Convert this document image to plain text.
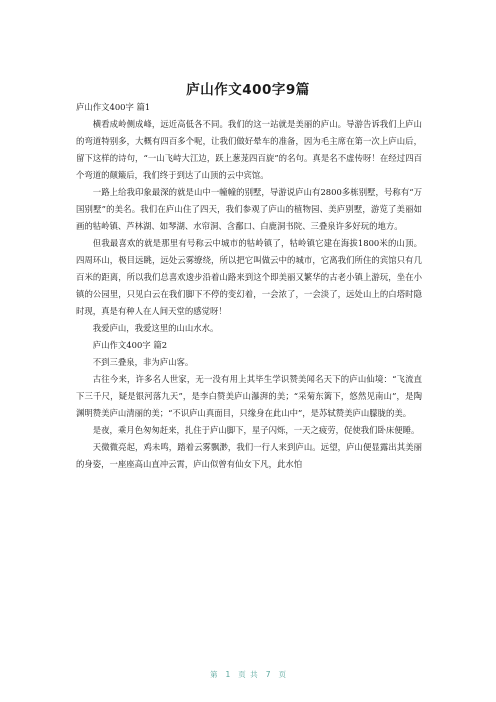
庐山作文400字9篇

庐山作文400字 篇1

横看成岭侧成峰，远近高低各不同。我们的这一站就是美丽的庐山。导游告诉我们上庐山的弯道特别多，大概有四百多个呢，让我们做好晕车的准备，因为毛主席在第一次上庐山后，留下这样的诗句，“一山飞峙大江边，跃上葱茏四百旋”的名句。真是名不虚传呀！在经过四百个弯道的颠簸后，我们终于到达了山顶的云中宾馆。

一路上给我印象最深的就是山中一幢幢的别墅，导游说庐山有2800多栋别墅，号称有“万国别墅”的美名。我们在庐山住了四天，我们参观了庐山的植物园、美庐别墅，游览了美丽如画的牯岭镇、芦林湖、如琴湖、水帘洞、含鄱口、白鹿洞书院、三叠泉许多好玩的地方。

但我最喜欢的就是那里有号称云中城市的牯岭镇了，牯岭镇它建在海拔1800米的山顶。四周环山，极目远眺，远处云雾缭绕，所以把它叫做云中的城市，它离我们所住的宾馆只有几百米的距离，所以我们总喜欢逡步沿着山路来到这个即美丽又繁华的古老小镇上游玩，坐在小镇的公园里，只见白云在我们脚下不停的变幻着，一会浓了，一会淡了，远处山上的白塔时隐时现，真是有种人在人间天堂的感觉呀！

我爱庐山，我爱这里的山山水水。

庐山作文400字 篇2

不到三叠泉，非为庐山客。

古往今来，许多名人世家，无一没有用上其毕生学识赞美闻名天下的庐山仙境：“飞流直下三千尺，疑是银河落九天”，是李白赞美庐山瀑湃的美；“采菊东篱下，悠然见南山”，是陶渊明赞美庐山清丽的美；“不识庐山真面目，只缘身在此山中”，是苏轼赞美庐山朦胧的美。

是夜，乘月色匆匆赶来，扎住于庐山脚下，星子闪烁，一天之疲劳，促使我们卧床便睡。

天微微亮起，鸡未鸣，踏着云雾飘渺，我们一行人来到庐山。远望，庐山便显露出其美丽的身姿，一座座高山直冲云霄，庐山似曾有仙女下凡，此水怕

第 1 页 共 7 页
